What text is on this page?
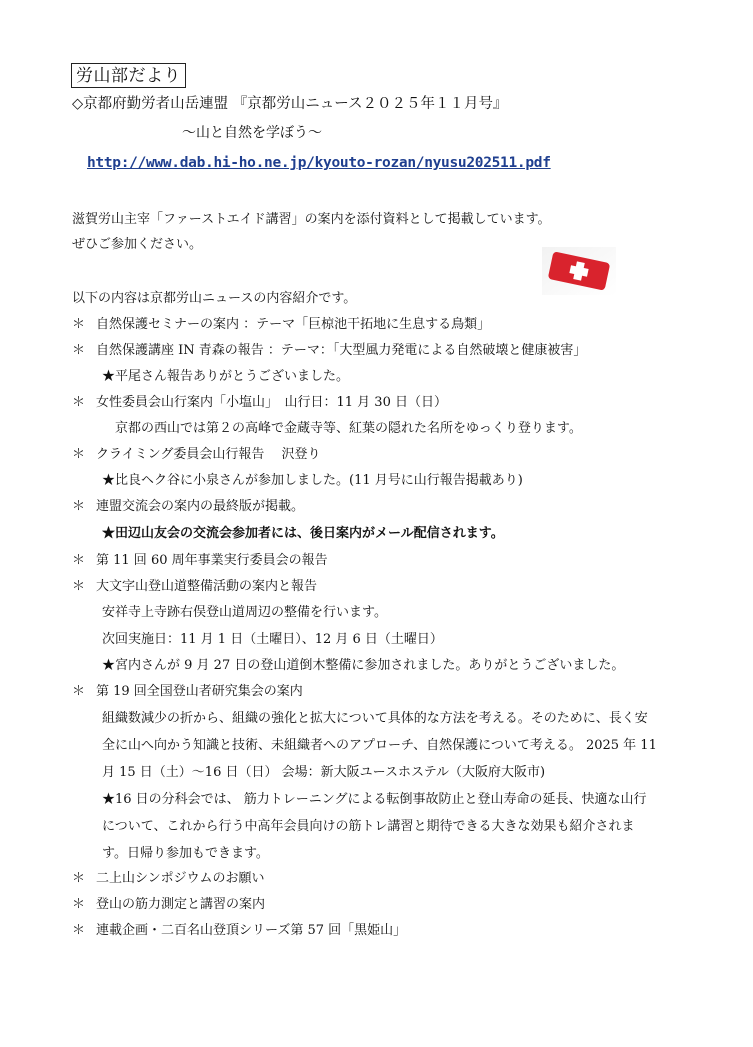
労山部だより
◇京都府勤労者山岳連盟 『京都労山ニュース２０２５年１１月号』
～山と自然を学ぼう～
http://www.dab.hi-ho.ne.jp/kyouto-rozan/nyusu202511.pdf
滋賀労山主宰「ファーストエイド講習」の案内を添付資料として掲載しています。
ぜひご参加ください。
以下の内容は京都労山ニュースの内容紹介です。
＊ 自然保護セミナーの案内 ：テーマ「巨椋池干拓地に生息する鳥類」
＊ 自然保護講座 IN 青森の報告 ：テーマ：「大型風力発電による自然破壊と健康被害」
★平尾さん報告ありがとうございました。
＊ 女性委員会山行案内「小塩山」　山行日：11 月 30 日（日）
京都の西山では第２の高峰で金蔵寺等、紅葉の隠れた名所をゆっくり登ります。
＊ クライミング委員会山行報告　 沢登り
★比良ヘク谷に小泉さんが参加しました。(11 月号に山行報告掲載あり)
＊ 連盟交流会の案内の最終版が掲載。
★田辺山友会の交流会参加者には、後日案内がメール配信されます。
＊ 第 11 回 60 周年事業実行委員会の報告
＊ 大文字山登山道整備活動の案内と報告
安祥寺上寺跡右俣登山道周辺の整備を行います。
次回実施日：11 月 1 日（土曜日）、12 月 6 日（土曜日）
★宮内さんが 9 月 27 日の登山道倒木整備に参加されました。ありがとうございました。
＊ 第 19 回全国登山者研究集会の案内
組織数減少の折から、組織の強化と拡大について具体的な方法を考える。そのために、長く安
全に山へ向かう知識と技術、未組織者へのアプローチ、自然保護について考える。 2025 年 11
月 15 日（土）～16 日（日） 会場：新大阪ユースホステル（大阪府大阪市)
★16 日の分科会では、 筋力トレーニングによる転倒事故防止と登山寿命の延長、快適な山行
について、これから行う中高年会員向けの筋トレ講習と期待できる大きな効果も紹介されま
す。日帰り参加もできます。
＊ 二上山シンポジウムのお願い
＊ 登山の筋力測定と講習の案内
＊ 連載企画・二百名山登頂シリーズ第 57 回「黒姫山」
